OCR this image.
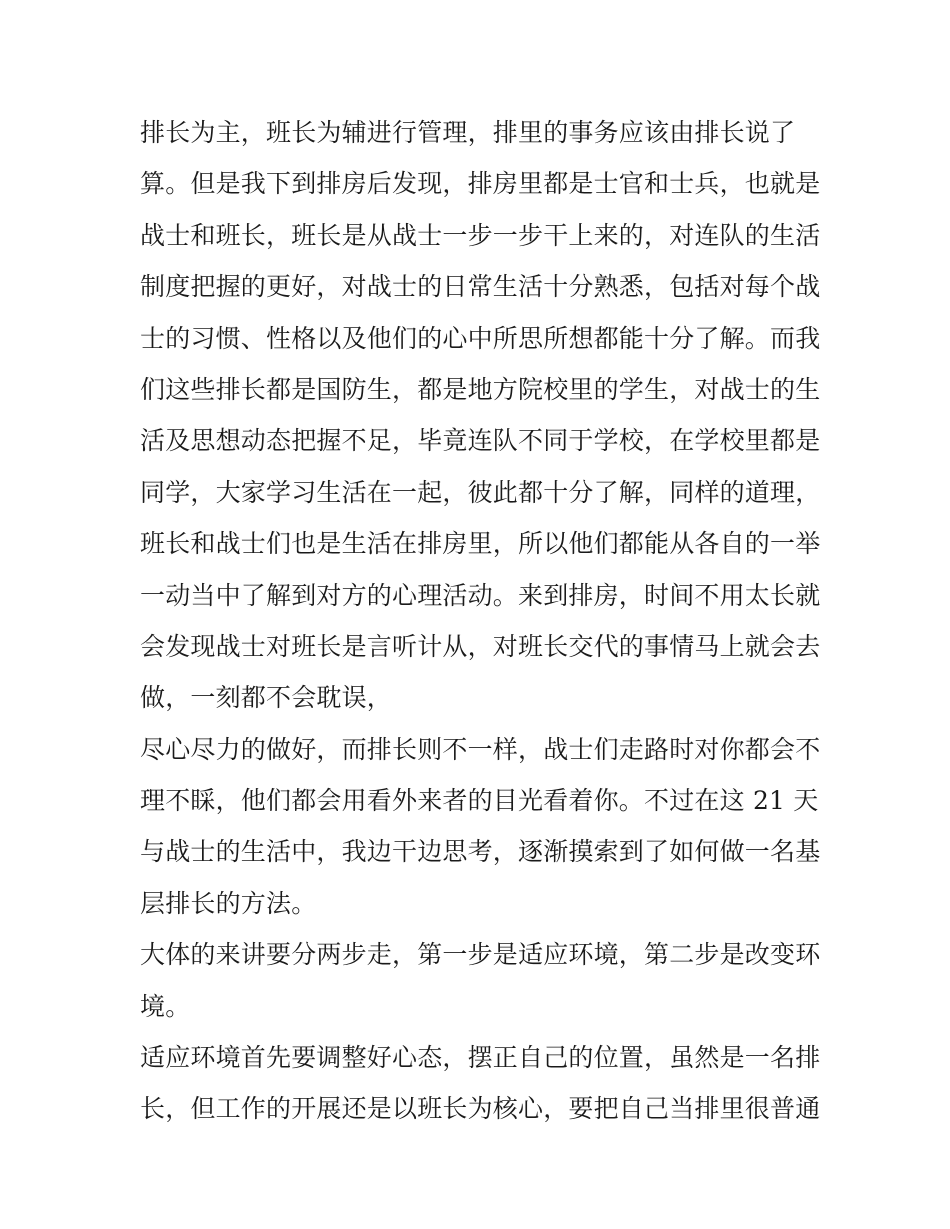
排长为主，班长为辅进行管理，排里的事务应该由排长说了
算。但是我下到排房后发现，排房里都是士官和士兵，也就是
战士和班长，班长是从战士一步一步干上来的，对连队的生活
制度把握的更好，对战士的日常生活十分熟悉，包括对每个战
士的习惯、性格以及他们的心中所思所想都能十分了解。而我
们这些排长都是国防生，都是地方院校里的学生，对战士的生
活及思想动态把握不足，毕竟连队不同于学校，在学校里都是
同学，大家学习生活在一起，彼此都十分了解，同样的道理，
班长和战士们也是生活在排房里，所以他们都能从各自的一举
一动当中了解到对方的心理活动。来到排房，时间不用太长就
会发现战士对班长是言听计从，对班长交代的事情马上就会去
做，一刻都不会耽误，
尽心尽力的做好，而排长则不一样，战士们走路时对你都会不
理不睬，他们都会用看外来者的目光看着你。不过在这 21 天
与战士的生活中，我边干边思考，逐渐摸索到了如何做一名基
层排长的方法。
大体的来讲要分两步走，第一步是适应环境，第二步是改变环
境。
适应环境首先要调整好心态，摆正自己的位置，虽然是一名排
长，但工作的开展还是以班长为核心，要把自己当排里很普通
